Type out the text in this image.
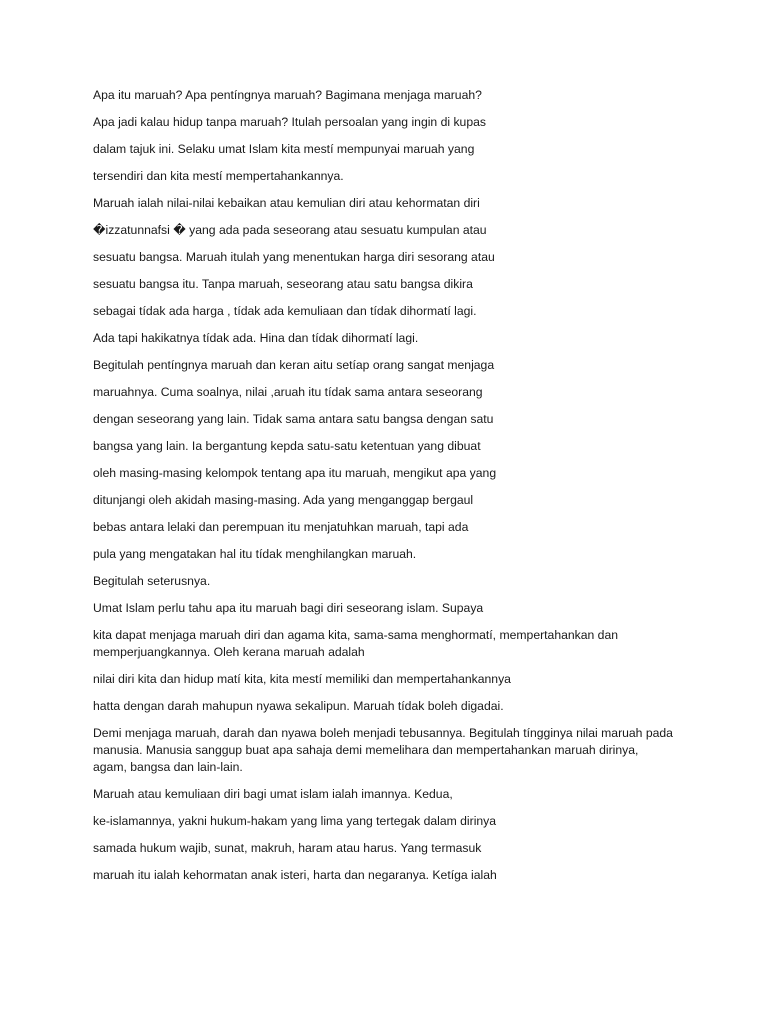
Apa itu maruah? Apa pentíngnya maruah? Bagimana menjaga maruah?

Apa jadi kalau hidup tanpa maruah? Itulah persoalan yang ingin di kupas

dalam tajuk ini. Selaku umat Islam kita mestí mempunyai maruah yang

tersendiri dan kita mestí mempertahankannya.

Maruah ialah nilai-nilai kebaikan atau kemulian diri atau kehormatan diri

�izzatunnafsi � yang ada pada seseorang atau sesuatu kumpulan atau

sesuatu bangsa. Maruah itulah yang menentukan harga diri sesorang atau

sesuatu bangsa itu. Tanpa maruah, seseorang atau satu bangsa dikira

sebagai tídak ada harga , tídak ada kemuliaan dan tídak dihormatí lagi.

Ada tapi hakikatnya tídak ada. Hina dan tídak dihormatí lagi.

Begitulah pentíngnya maruah dan keran aitu setíap orang sangat menjaga

maruahnya. Cuma soalnya, nilai ,aruah itu tídak sama antara seseorang

dengan seseorang yang lain. Tidak sama antara satu bangsa dengan satu

bangsa yang lain. Ia bergantung kepda satu-satu ketentuan yang dibuat

oleh masing-masing kelompok tentang apa itu maruah, mengikut apa yang

ditunjangi oleh akidah masing-masing. Ada yang menganggap bergaul

bebas antara lelaki dan perempuan itu menjatuhkan maruah, tapi ada

pula yang mengatakan hal itu tídak menghilangkan maruah.

Begitulah seterusnya.

Umat Islam perlu tahu apa itu maruah bagi diri seseorang islam. Supaya

kita dapat menjaga maruah diri dan agama kita, sama-sama menghormatí, mempertahankan dan memperjuangkannya. Oleh kerana maruah adalah

nilai diri kita dan hidup matí kita, kita mestí memiliki dan mempertahankannya

hatta dengan darah mahupun nyawa sekalipun. Maruah tídak boleh digadai.

Demi menjaga maruah, darah dan nyawa boleh menjadi tebusannya. Begitulah tíngginya nilai maruah pada manusia. Manusia sanggup buat apa sahaja demi memelihara dan mempertahankan maruah dirinya, agam, bangsa dan lain-lain.

Maruah atau kemuliaan diri bagi umat islam ialah imannya. Kedua,

ke-islamannya, yakni hukum-hakam yang lima yang tertegak dalam dirinya

samada hukum wajib, sunat, makruh, haram atau harus. Yang termasuk

maruah itu ialah kehormatan anak isteri, harta dan negaranya. Ketíga ialah
